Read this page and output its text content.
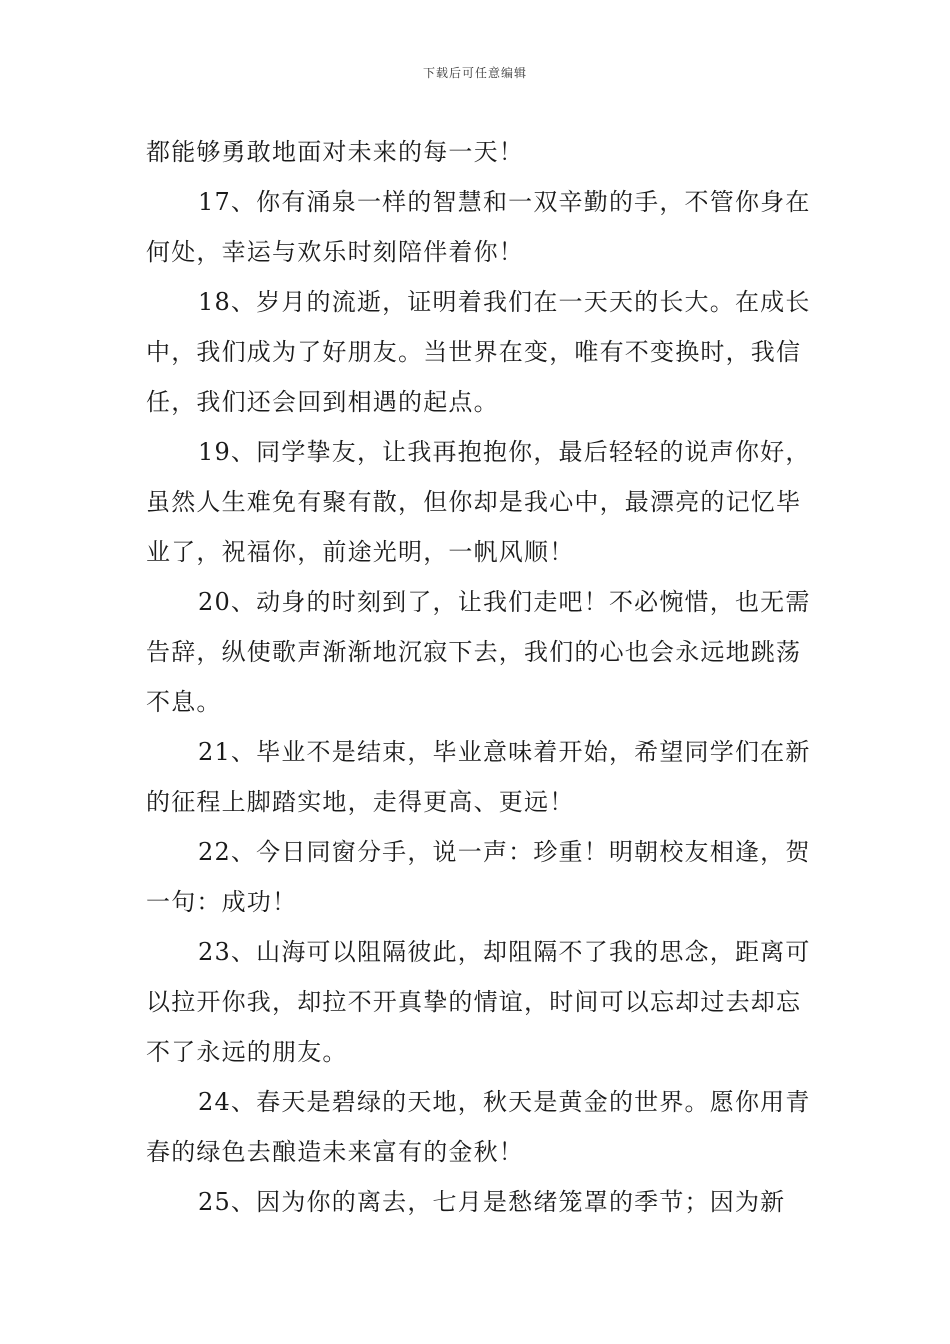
下载后可任意编辑

都能够勇敢地面对未来的每一天！

17、你有涌泉一样的智慧和一双辛勤的手，不管你身在何处，幸运与欢乐时刻陪伴着你！

18、岁月的流逝，证明着我们在一天天的长大。在成长中，我们成为了好朋友。当世界在变，唯有不变换时，我信任，我们还会回到相遇的起点。

19、同学挚友，让我再抱抱你，最后轻轻的说声你好，虽然人生难免有聚有散，但你却是我心中，最漂亮的记忆毕业了，祝福你，前途光明，一帆风顺！

20、动身的时刻到了，让我们走吧！不必惋惜，也无需告辞，纵使歌声渐渐地沉寂下去，我们的心也会永远地跳荡不息。

21、毕业不是结束，毕业意味着开始，希望同学们在新的征程上脚踏实地，走得更高、更远！

22、今日同窗分手，说一声：珍重！明朝校友相逢，贺一句：成功！

23、山海可以阻隔彼此，却阻隔不了我的思念，距离可以拉开你我，却拉不开真挚的情谊，时间可以忘却过去却忘不了永远的朋友。

24、春天是碧绿的天地，秋天是黄金的世界。愿你用青春的绿色去酿造未来富有的金秋！

25、因为你的离去，七月是愁绪笼罩的季节；因为新
